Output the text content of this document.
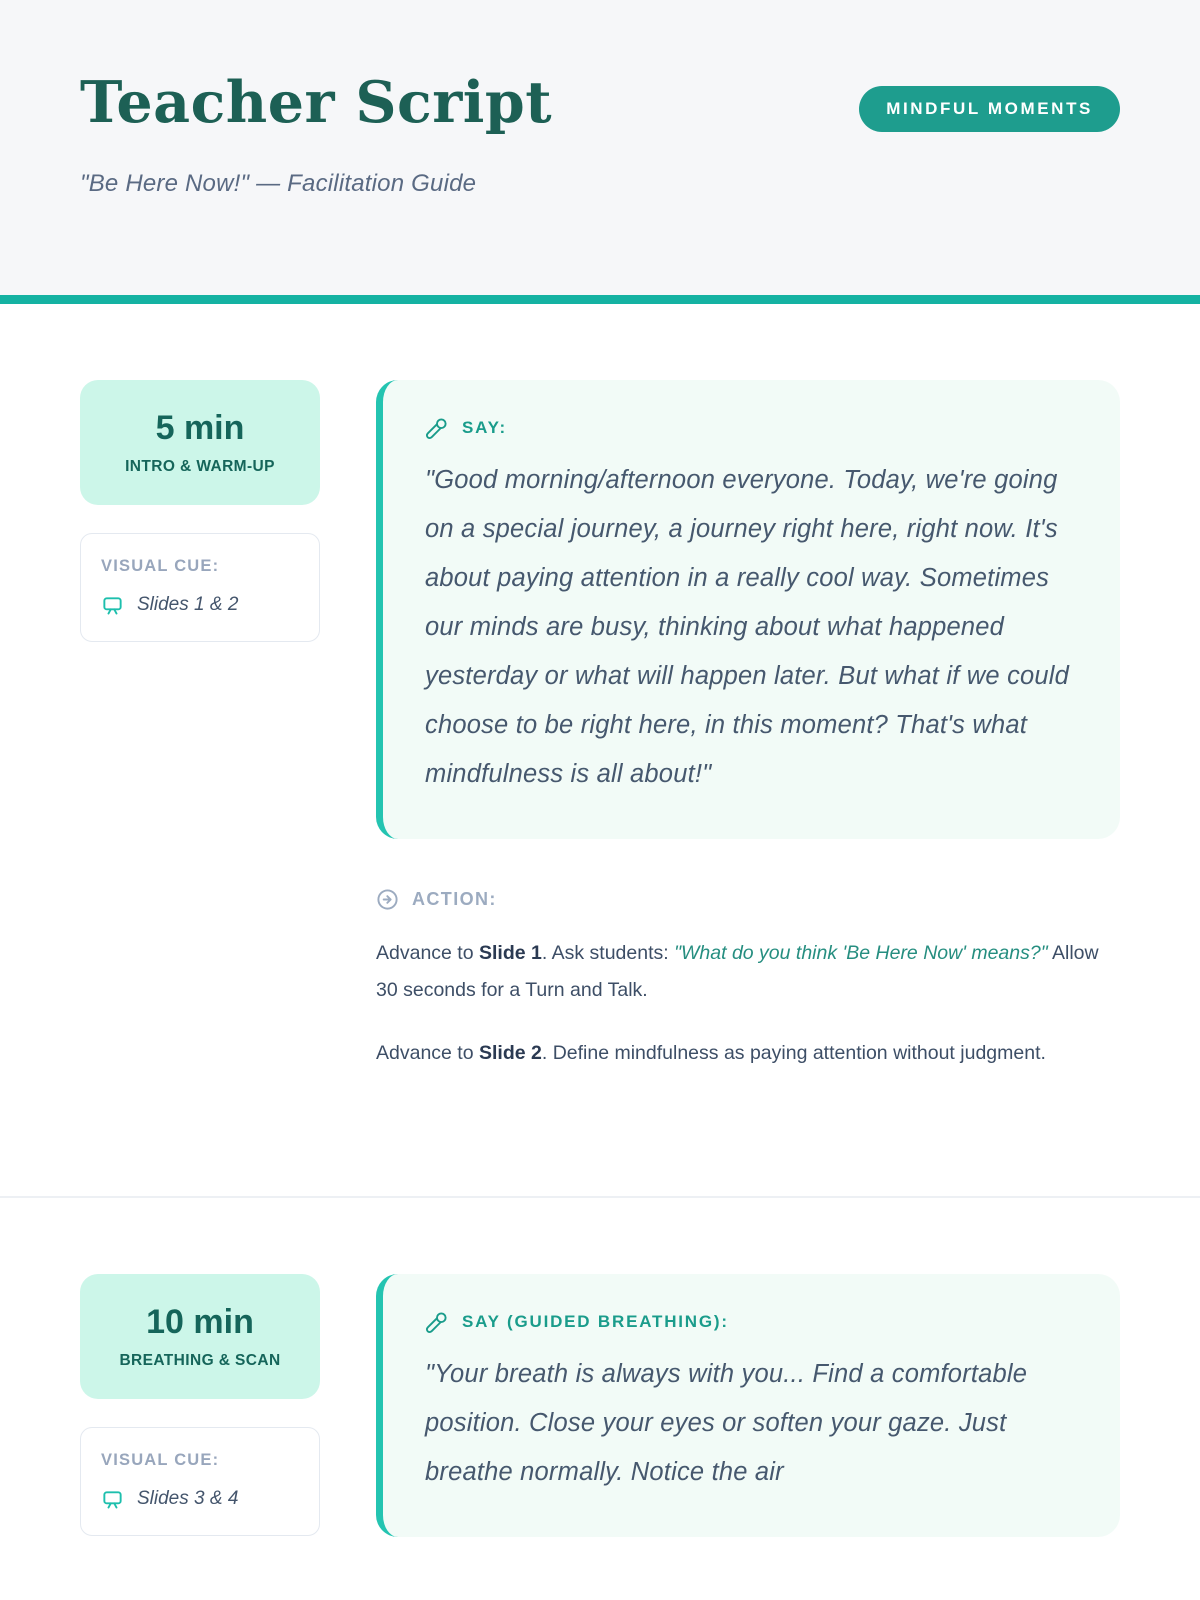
Teacher Script	MINDFUL MOMENTS
"Be Here Now!" — Facilitation Guide
5 min
INTRO & WARM-UP
VISUAL CUE:
Slides 1 & 2
SAY:
"Good morning/afternoon everyone. Today, we're going on a special journey, a journey right here, right now. It's about paying attention in a really cool way. Sometimes our minds are busy, thinking about what happened yesterday or what will happen later. But what if we could choose to be right here, in this moment? That's what mindfulness is all about!"
ACTION:

Advance to Slide 1. Ask students: "What do you think 'Be Here Now' means?" Allow 30 seconds for a Turn and Talk.

Advance to Slide 2. Define mindfulness as paying attention without judgment.

10 min
BREATHING & SCAN
VISUAL CUE:
Slides 3 & 4
SAY (GUIDED BREATHING):
"Your breath is always with you... Find a comfortable position. Close your eyes or soften your gaze. Just breathe normally. Notice the air
